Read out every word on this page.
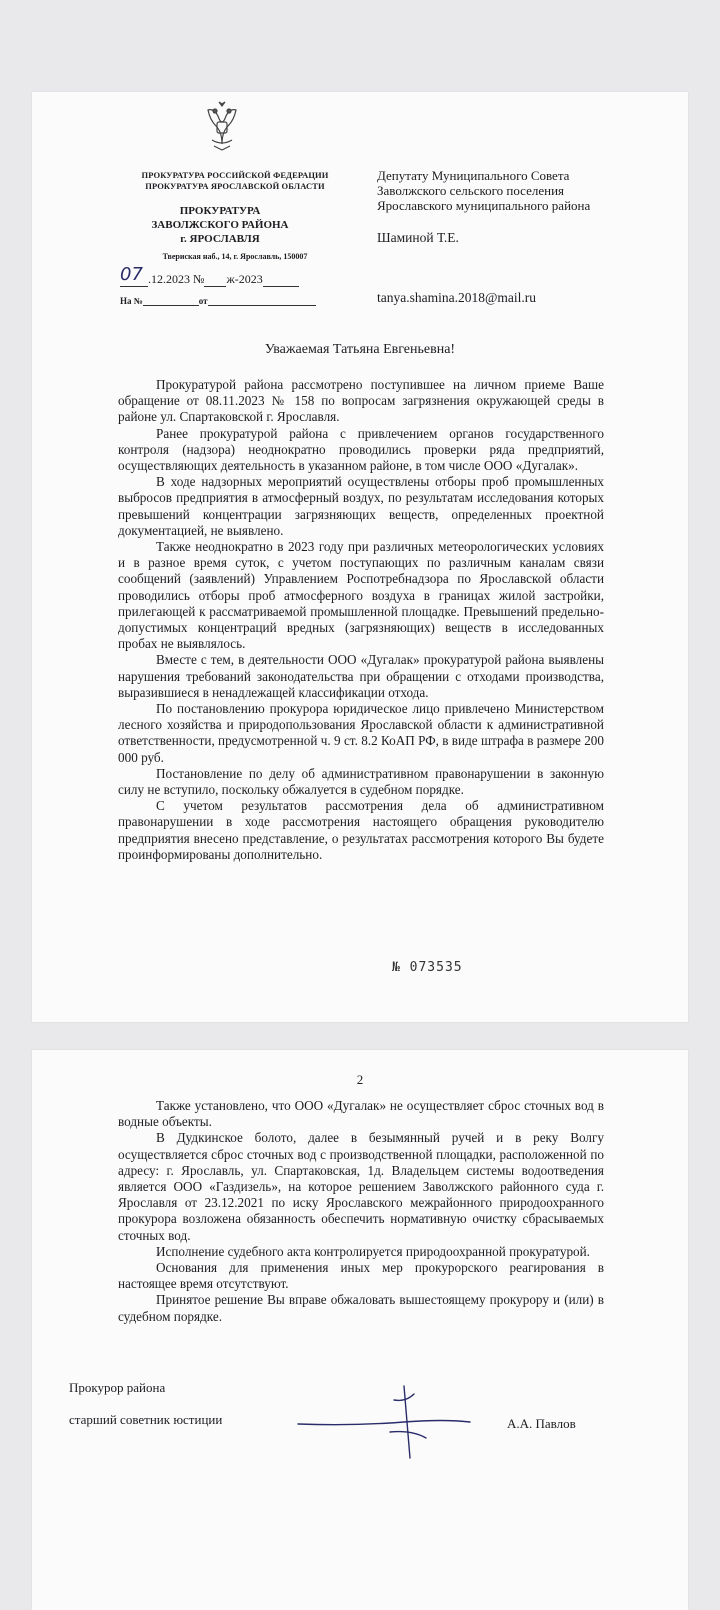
ПРОКУРАТУРА РОССИЙСКОЙ ФЕДЕРАЦИИ
ПРОКУРАТУРА ЯРОСЛАВСКОЙ ОБЛАСТИ
ПРОКУРАТУРА
ЗАВОЛЖСКОГО РАЙОНА
г. ЯРОСЛАВЛЯ
Твериская наб., 14, г. Ярославль, 150007
07 .12.2023 № ж-2023
На №	от
Депутату Муниципального Совета
Заволжского сельского поселения
Ярославского муниципального района
Шаминой Т.Е.
tanya.shamina.2018@mail.ru
Уважаемая Татьяна Евгеньевна!

Прокуратурой района рассмотрено поступившее на личном приеме Ваше обращение от 08.11.2023 № 158 по вопросам загрязнения окружающей среды в районе ул. Спартаковской г. Ярославля.

Ранее прокуратурой района с привлечением органов государственного контроля (надзора) неоднократно проводились проверки ряда предприятий, осуществляющих деятельность в указанном районе, в том числе ООО «Дугалак».

В ходе надзорных мероприятий осуществлены отборы проб промышленных выбросов предприятия в атмосферный воздух, по результатам исследования которых превышений концентрации загрязняющих веществ, определенных проектной документацией, не выявлено.

Также неоднократно в 2023 году при различных метеорологических условиях и в разное время суток, с учетом поступающих по различным каналам связи сообщений (заявлений) Управлением Роспотребнадзора по Ярославской области проводились отборы проб атмосферного воздуха в границах жилой застройки, прилегающей к рассматриваемой промышленной площадке. Превышений предельно-допустимых концентраций вредных (загрязняющих) веществ в исследованных пробах не выявлялось.

Вместе с тем, в деятельности ООО «Дугалак» прокуратурой района выявлены нарушения требований законодательства при обращении с отходами производства, выразившиеся в ненадлежащей классификации отхода.

По постановлению прокурора юридическое лицо привлечено Министерством лесного хозяйства и природопользования Ярославской области к административной ответственности, предусмотренной ч. 9 ст. 8.2 КоАП РФ, в виде штрафа в размере 200 000 руб.

Постановление по делу об административном правонарушении в законную силу не вступило, поскольку обжалуется в судебном порядке.

С учетом результатов рассмотрения дела об административном правонарушении в ходе рассмотрения настоящего обращения руководителю предприятия внесено представление, о результатах рассмотрения которого Вы будете проинформированы дополнительно.

№ 073535
2

Также установлено, что ООО «Дугалак» не осуществляет сброс сточных вод в водные объекты.

В Дудкинское болото, далее в безымянный ручей и в реку Волгу осуществляется сброс сточных вод с производственной площадки, расположенной по адресу: г. Ярославль, ул. Спартаковская, 1д. Владельцем системы водоотведения является ООО «Газдизель», на которое решением Заволжского районного суда г. Ярославля от 23.12.2021 по иску Ярославского межрайонного природоохранного прокурора возложена обязанность обеспечить нормативную очистку сбрасываемых сточных вод.

Исполнение судебного акта контролируется природоохранной прокуратурой.

Основания для применения иных мер прокурорского реагирования в настоящее время отсутствуют.

Принятое решение Вы вправе обжаловать вышестоящему прокурору и (или) в судебном порядке.

Прокурор района
старший советник юстиции	А.А. Павлов
